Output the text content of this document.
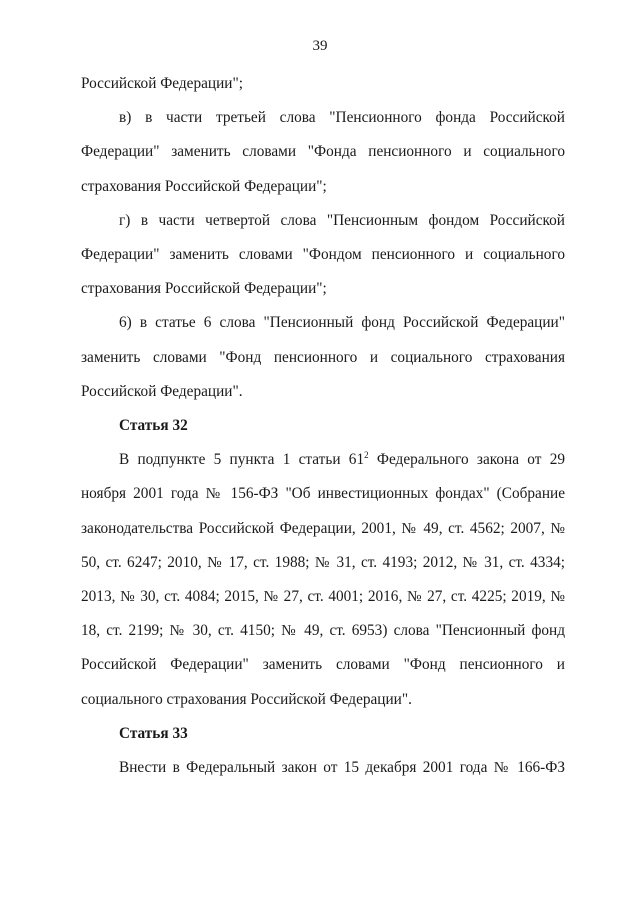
39

Российской Федерации";

в) в части третьей слова "Пенсионного фонда Российской Федерации" заменить словами "Фонда пенсионного и социального страхования Российской Федерации";

г) в части четвертой слова "Пенсионным фондом Российской Федерации" заменить словами "Фондом пенсионного и социального страхования Российской Федерации";

6) в статье 6 слова "Пенсионный фонд Российской Федерации" заменить словами "Фонд пенсионного и социального страхования Российской Федерации".

Статья 32

В подпункте 5 пункта 1 статьи $61^2$ Федерального закона от 29 ноября 2001 года № 156-ФЗ "Об инвестиционных фондах" (Собрание законодательства Российской Федерации, 2001, № 49, ст. 4562; 2007, № 50, ст. 6247; 2010, № 17, ст. 1988; № 31, ст. 4193; 2012, № 31, ст. 4334; 2013, № 30, ст. 4084; 2015, № 27, ст. 4001; 2016, № 27, ст. 4225; 2019, № 18, ст. 2199; № 30, ст. 4150; № 49, ст. 6953) слова "Пенсионный фонд Российской Федерации" заменить словами "Фонд пенсионного и социального страхования Российской Федерации".

Статья 33

Внести в Федеральный закон от 15 декабря 2001 года № 166-ФЗ
